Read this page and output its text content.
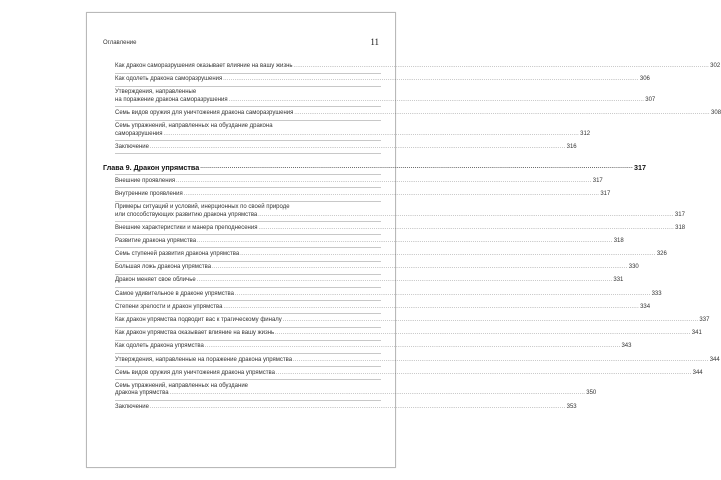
Оглавление	11
Как дракон саморазрушения оказывает влияние на вашу жизнь ............................................................................................................................................................................................................................ 302
Как одолеть дракона саморазрушения ............................................................................................................................................................................................................................ 306
Утверждения, направленные
на поражение дракона саморазрушения ............................................................................................................................................................................................................................ 307
Семь видов оружия для уничтожения дракона саморазрушения ............................................................................................................................................................................................................................ 308
Семь упражнений, направленных на обуздание дракона
саморазрушения ............................................................................................................................................................................................................................ 312
Заключение ............................................................................................................................................................................................................................ 316
Глава 9. Дракон упрямства ............................................................................................................................................................................................................................ 317
Внешние проявления ............................................................................................................................................................................................................................ 317
Внутренние проявления ............................................................................................................................................................................................................................ 317
Примеры ситуаций и условий, инерционных по своей природе
или способствующих развитию дракона упрямства ............................................................................................................................................................................................................................ 317
Внешние характеристики и манера преподнесения ............................................................................................................................................................................................................................ 318
Развитие дракона упрямства ............................................................................................................................................................................................................................ 318
Семь ступеней развития дракона упрямства ............................................................................................................................................................................................................................ 326
Большая ложь дракона упрямства ............................................................................................................................................................................................................................ 330
Дракон меняет свое обличье ............................................................................................................................................................................................................................ 331
Самое удивительное в драконе упрямства ............................................................................................................................................................................................................................ 333
Степени зрелости и дракон упрямства ............................................................................................................................................................................................................................ 334
Как дракон упрямства подводит вас к трагическому финалу ............................................................................................................................................................................................................................ 337
Как дракон упрямства оказывает влияние на вашу жизнь ............................................................................................................................................................................................................................ 341
Как одолеть дракона упрямства ............................................................................................................................................................................................................................ 343
Утверждения, направленные на поражение дракона упрямства ............................................................................................................................................................................................................................ 344
Семь видов оружия для уничтожения дракона упрямства ............................................................................................................................................................................................................................ 344
Семь упражнений, направленных на обуздание
дракона упрямства ............................................................................................................................................................................................................................ 350
Заключение ............................................................................................................................................................................................................................ 353
